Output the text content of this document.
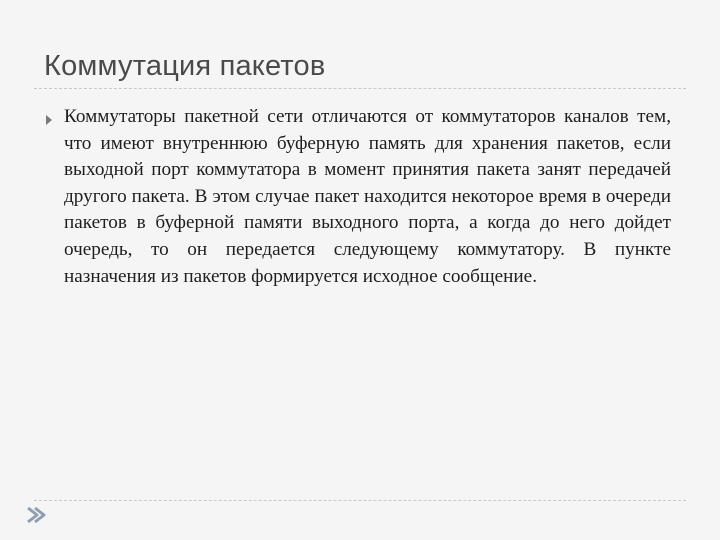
Коммутация пакетов

Коммутаторы пакетной сети отличаются от коммутаторов каналов тем, что имеют внутреннюю буферную память для хранения пакетов, если выходной порт коммутатора в момент принятия пакета занят передачей другого пакета. В этом случае пакет находится некоторое время в очереди пакетов в буферной памяти выходного порта, а когда до него дойдет очередь, то он передается следующему коммутатору. В пункте назначения из пакетов формируется исходное сообщение.
